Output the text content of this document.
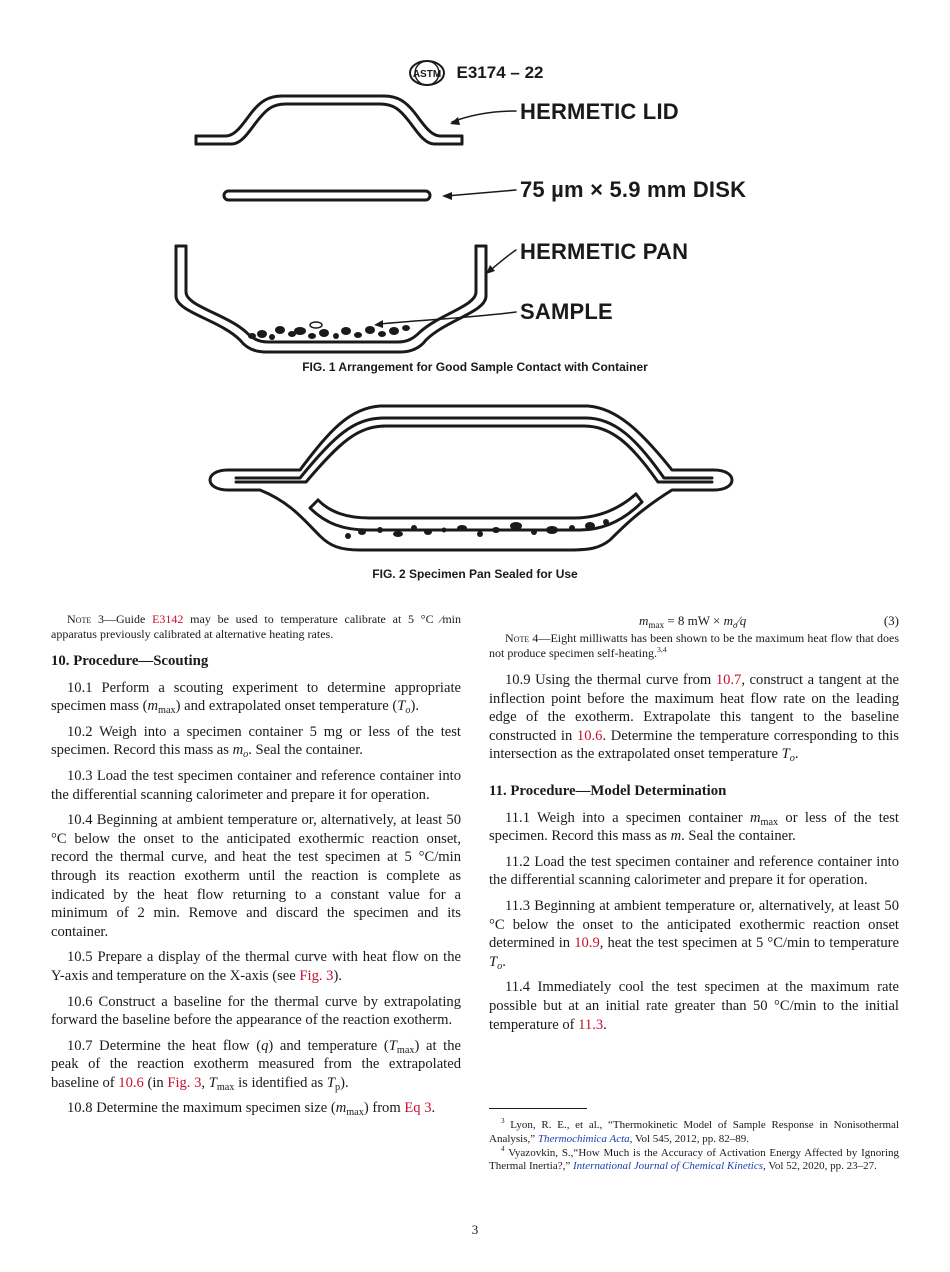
ASTM E3174 – 22
HERMETIC LID
75 µm × 5.9 mm DISK
HERMETIC PAN
SAMPLE
FIG. 1 Arrangement for Good Sample Contact with Container
FIG. 2 Specimen Pan Sealed for Use

Note 3—Guide E3142 may be used to temperature calibrate at 5 °C ⁄min apparatus previously calibrated at alternative heating rates.

10. Procedure—Scouting

10.1 Perform a scouting experiment to determine appropriate specimen mass $(m_{max})$ and extrapolated onset temperature $(T_o)$.

10.2 Weigh into a specimen container 5 mg or less of the test specimen. Record this mass as $m_o$. Seal the container.

10.3 Load the test specimen container and reference container into the differential scanning calorimeter and prepare it for operation.

10.4 Beginning at ambient temperature or, alternatively, at least 50 °C below the onset to the anticipated exothermic reaction onset, record the thermal curve, and heat the test specimen at 5 °C/min through its reaction exotherm until the reaction is complete as indicated by the heat flow returning to a constant value for a minimum of 2 min. Remove and discard the specimen and its container.

10.5 Prepare a display of the thermal curve with heat flow on the Y-axis and temperature on the X-axis (see Fig. 3).

10.6 Construct a baseline for the thermal curve by extrapolating forward the baseline before the appearance of the reaction exotherm.

10.7 Determine the heat flow (q) and temperature $(T_{max})$ at the peak of the reaction exotherm measured from the extrapolated baseline of 10.6 (in Fig. 3, $T_{max}$ is identified as $T_p$).

10.8 Determine the maximum specimen size $(m_{max})$ from Eq 3.

$m_{max} = 8$ mW × $m_o⁄q$	(3)

Note 4—Eight milliwatts has been shown to be the maximum heat flow that does not produce specimen self-heating.$^{3,4}$

10.9 Using the thermal curve from 10.7, construct a tangent at the inflection point before the maximum heat flow rate on the leading edge of the exotherm. Extrapolate this tangent to the baseline constructed in 10.6. Determine the temperature corresponding to this intersection as the extrapolated onset temperature $T_o$.

11. Procedure—Model Determination

11.1 Weigh into a specimen container $m_{max}$ or less of the test specimen. Record this mass as m. Seal the container.

11.2 Load the test specimen container and reference container into the differential scanning calorimeter and prepare it for operation.

11.3 Beginning at ambient temperature or, alternatively, at least 50 °C below the onset to the anticipated exothermic reaction onset determined in 10.9, heat the test specimen at 5 °C/min to temperature $T_o$.

11.4 Immediately cool the test specimen at the maximum rate possible but at an initial rate greater than 50 °C/min to the initial temperature of 11.3.

$^3$ Lyon, R. E., et al., “Thermokinetic Model of Sample Response in Nonisothermal Analysis,” Thermochimica Acta, Vol 545, 2012, pp. 82–89.

$^4$ Vyazovkin, S.,“How Much is the Accuracy of Activation Energy Affected by Ignoring Thermal Inertia?,” International Journal of Chemical Kinetics, Vol 52, 2020, pp. 23–27.

3
